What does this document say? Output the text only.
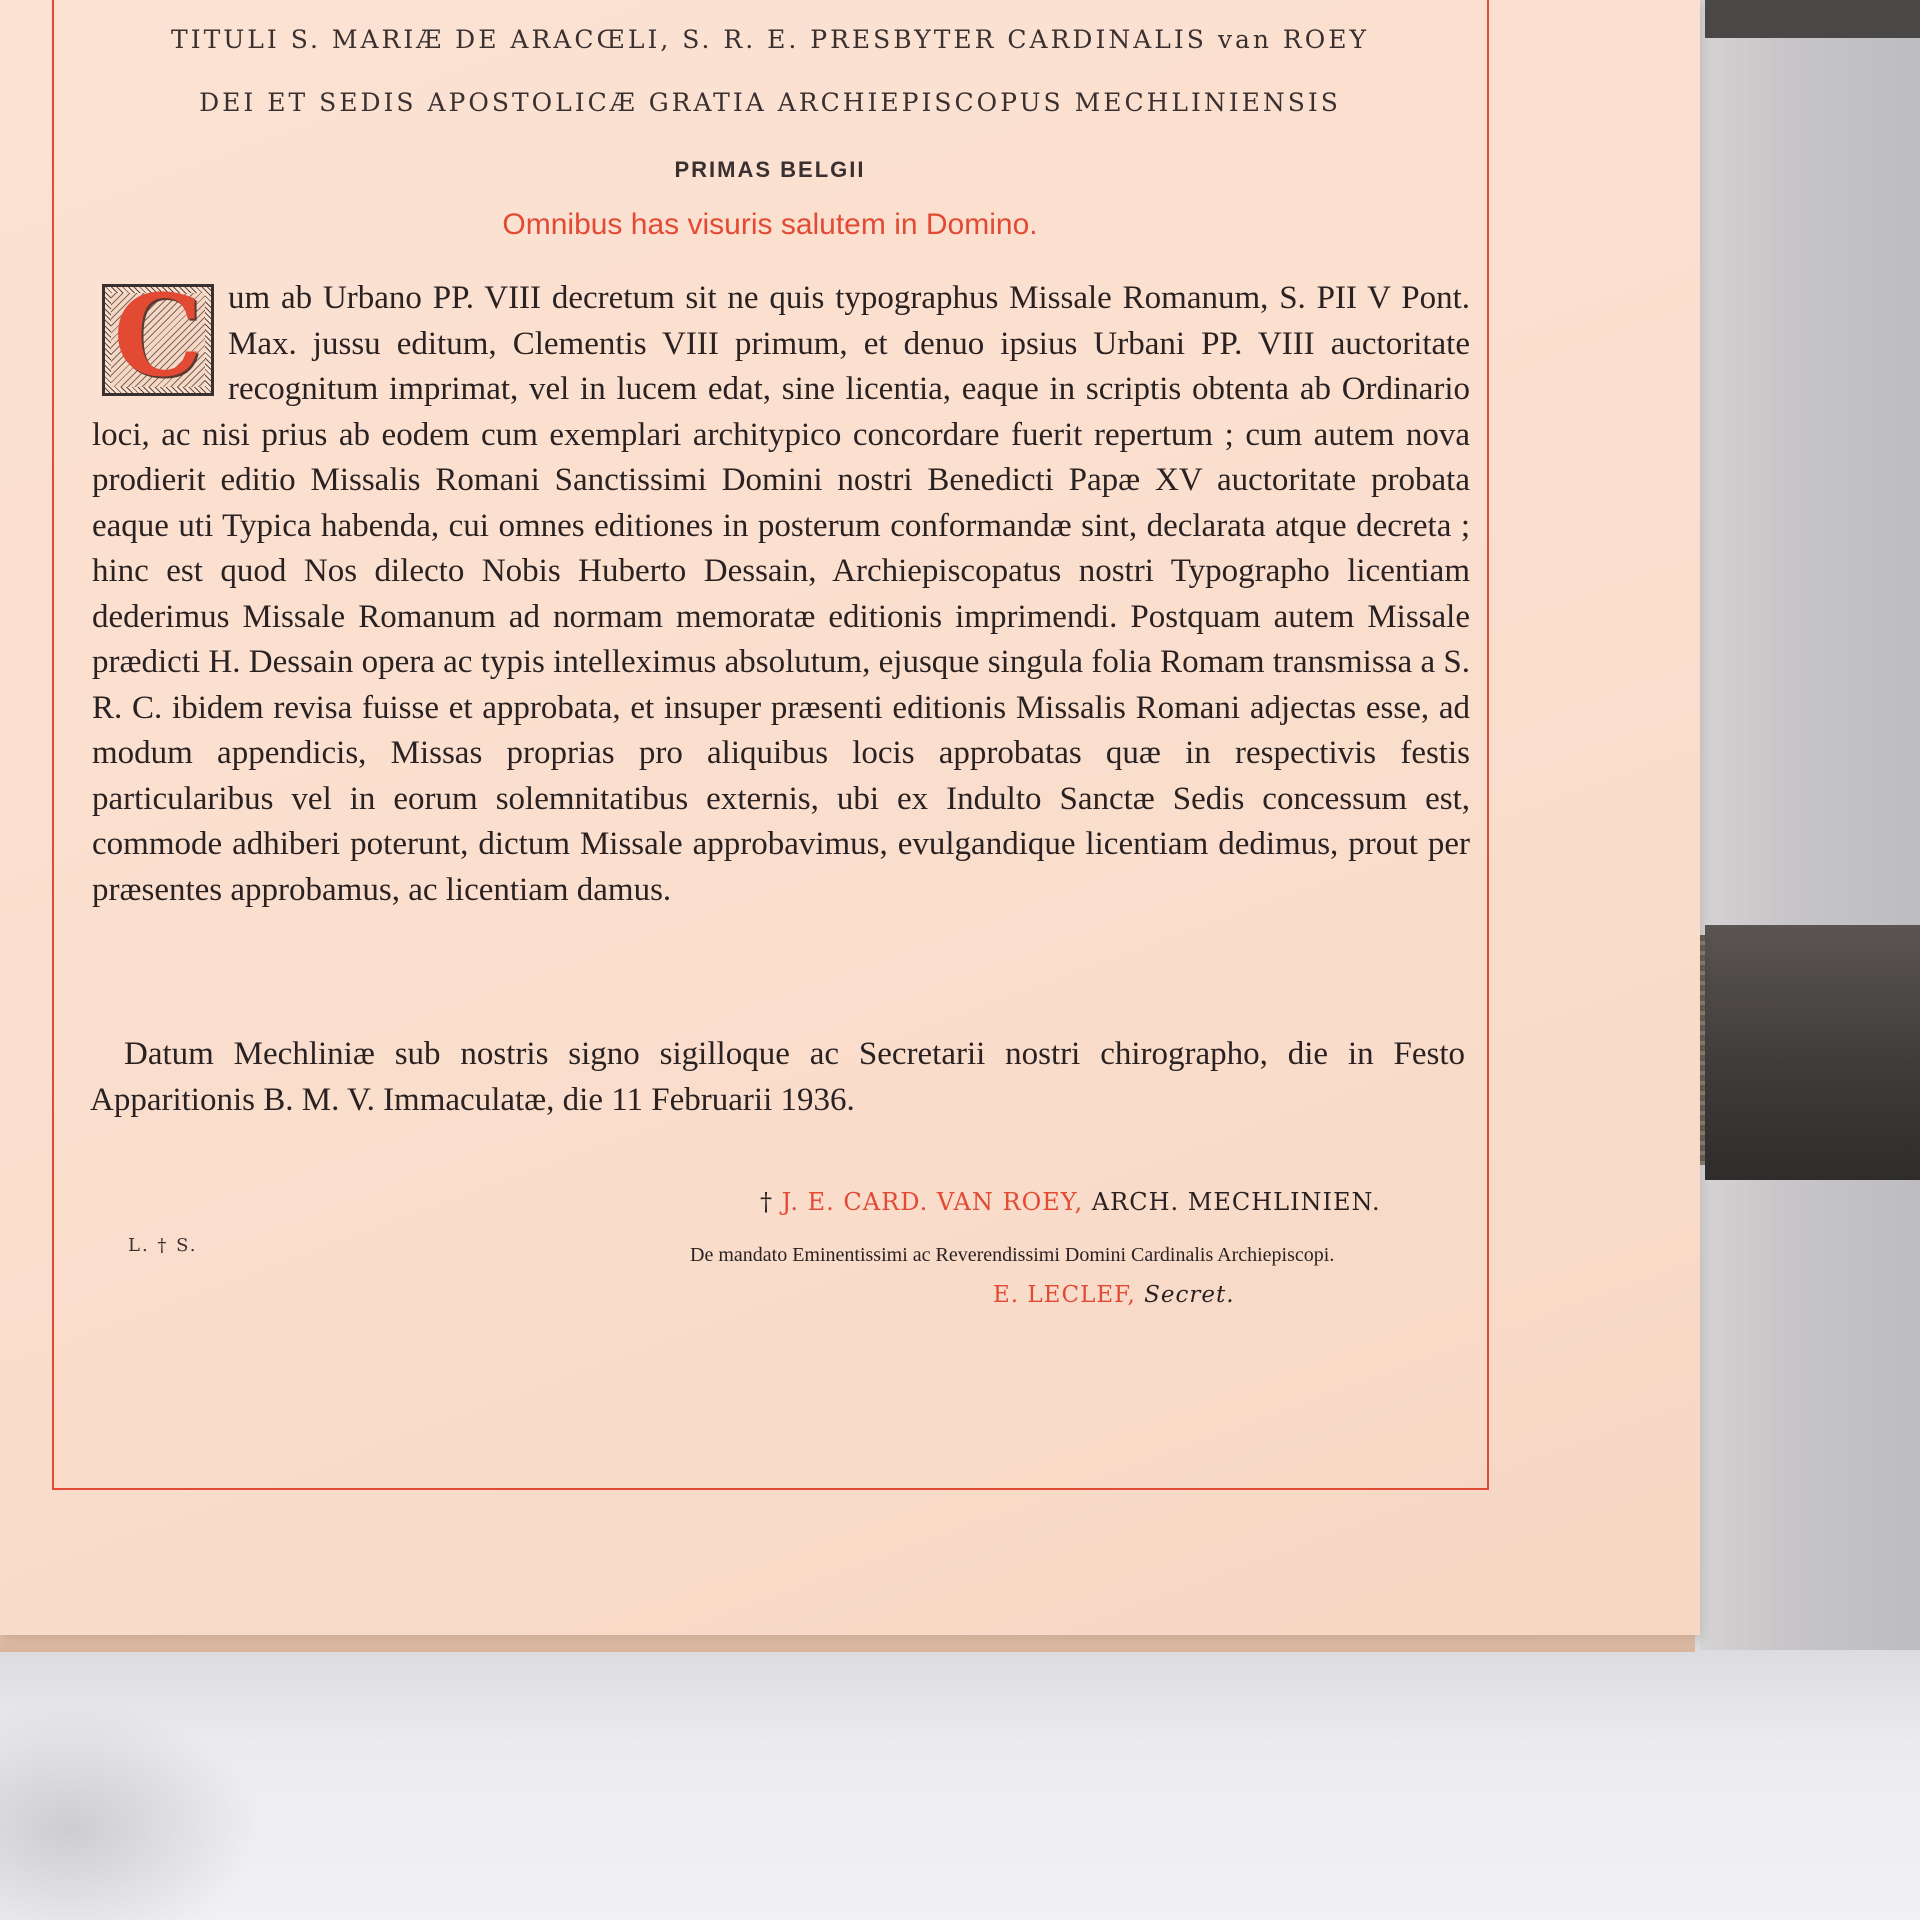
TITULI S. MARIÆ DE ARACŒLI, S. R. E. PRESBYTER CARDINALIS van ROEY
DEI ET SEDIS APOSTOLICÆ GRATIA ARCHIEPISCOPUS MECHLINIENSIS
PRIMAS BELGII
Omnibus has visuris salutem in Domino.

C um ab Urbano PP. VIII decretum sit ne quis typographus Missale Romanum, S. PII V Pont. Max. jussu editum, Clementis VIII primum, et denuo ipsius Urbani PP. VIII auctoritate recognitum imprimat, vel in lucem edat, sine licentia, eaque in scriptis obtenta ab Ordinario loci, ac nisi prius ab eodem cum exemplari architypico concordare fuerit repertum ; cum autem nova prodierit editio Missalis Romani Sanctissimi Domini nostri Benedicti Papæ XV auctoritate probata eaque uti Typica habenda, cui omnes editiones in posterum conformandæ sint, declarata atque decreta ; hinc est quod Nos dilecto Nobis Huberto Dessain, Archiepiscopatus nostri Typographo licentiam dederimus Missale Romanum ad normam memoratæ editionis imprimendi. Postquam autem Missale prædicti H. Dessain opera ac typis intelleximus absolutum, ejusque singula folia Romam transmissa a S. R. C. ibidem revisa fuisse et approbata, et insuper præsenti editionis Missalis Romani adjectas esse, ad modum appendicis, Missas proprias pro aliquibus locis approbatas quæ in respectivis festis particularibus vel in eorum solemnitatibus externis, ubi ex Indulto Sanctæ Sedis concessum est, commode adhiberi poterunt, dictum Missale approbavimus, evulgandique licentiam dedimus, prout per præsentes approbamus, ac licentiam damus.

Datum Mechliniæ sub nostris signo sigilloque ac Secretarii nostri chirographo, die in Festo Apparitionis B. M. V. Immaculatæ, die 11 Februarii 1936.

† J. E. CARD. VAN ROEY, ARCH. MECHLINIEN.
L. † S.	De mandato Eminentissimi ac Reverendissimi Domini Cardinalis Archiepiscopi.
E. LECLEF, Secret.
